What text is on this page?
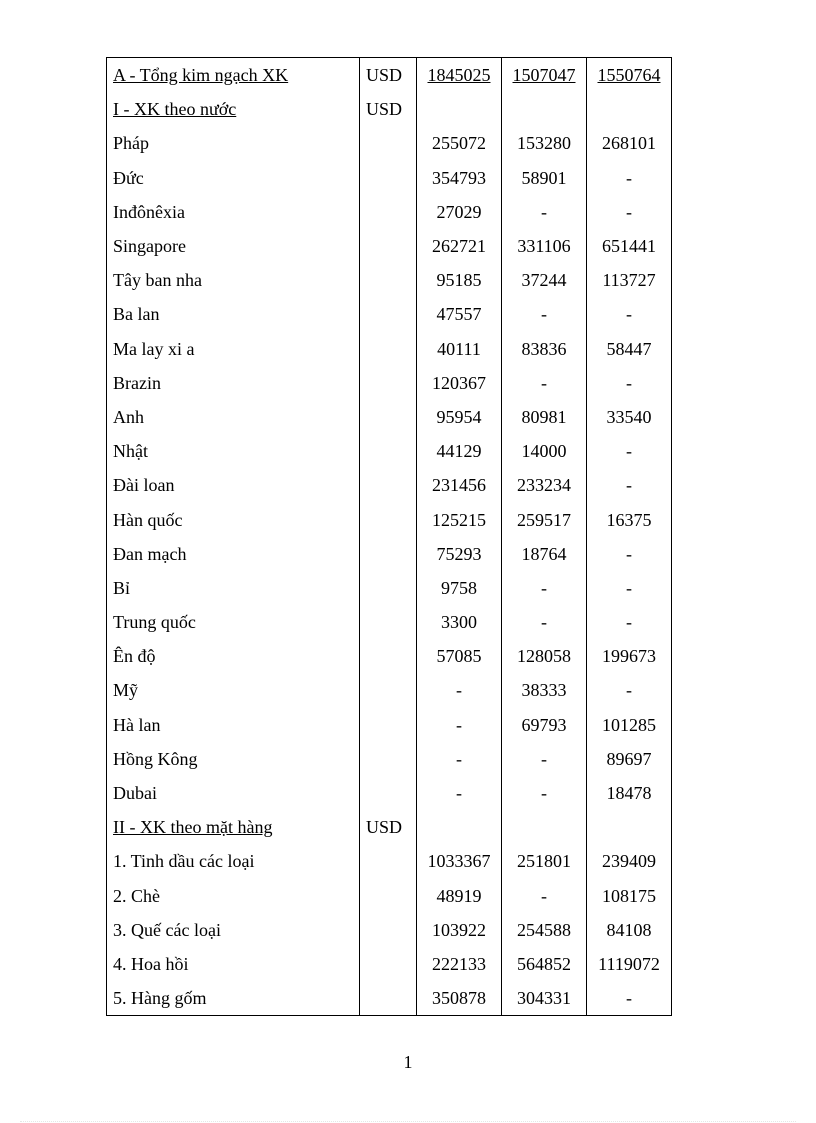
A - Tổng kim ngạch XK	USD	1845025	1507047	1550764
I - XK theo nước	USD			
Pháp		255072	153280	268101
Đức		354793	58901	-
Inđônêxia		27029	-	-
Singapore		262721	331106	651441
Tây ban nha		95185	37244	113727
Ba lan		47557	-	-
Ma lay xi a		40111	83836	58447
Brazin		120367	-	-
Anh		95954	80981	33540
Nhật		44129	14000	-
Đài loan		231456	233234	-
Hàn quốc		125215	259517	16375
Đan mạch		75293	18764	-
Bỉ		9758	-	-
Trung quốc		3300	-	-
Ên độ		57085	128058	199673
Mỹ		-	38333	-
Hà lan		-	69793	101285
Hồng Kông		-	-	89697
Dubai		-	-	18478
II - XK theo mặt hàng	USD			
1. Tinh dầu các loại		1033367	251801	239409
2. Chè		48919	-	108175
3. Quế các loại		103922	254588	84108
4. Hoa hồi		222133	564852	1119072
5. Hàng gốm		350878	304331	-
1
